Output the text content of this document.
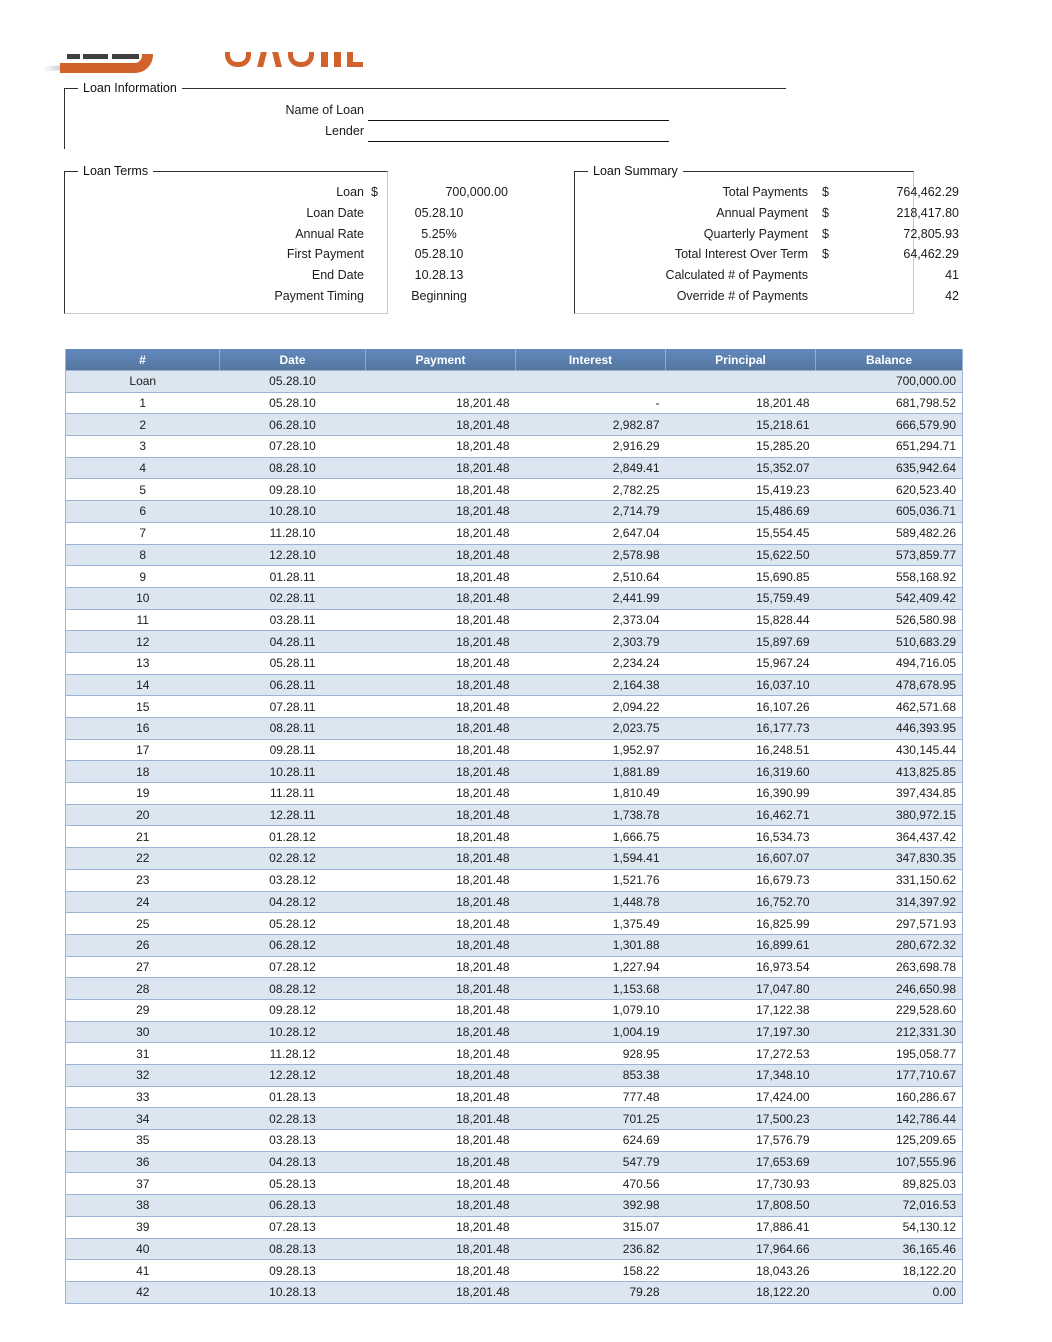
Loan Information
Name of Loan
Lender
Loan Terms	Loan Summary
#	Date	Payment	Interest	Principal	Balance
Loan	05.28.10				700,000.00
1	05.28.10	18,201.48	-	18,201.48	681,798.52
2	06.28.10	18,201.48	2,982.87	15,218.61	666,579.90
3	07.28.10	18,201.48	2,916.29	15,285.20	651,294.71
4	08.28.10	18,201.48	2,849.41	15,352.07	635,942.64
5	09.28.10	18,201.48	2,782.25	15,419.23	620,523.40
6	10.28.10	18,201.48	2,714.79	15,486.69	605,036.71
7	11.28.10	18,201.48	2,647.04	15,554.45	589,482.26
8	12.28.10	18,201.48	2,578.98	15,622.50	573,859.77
9	01.28.11	18,201.48	2,510.64	15,690.85	558,168.92
10	02.28.11	18,201.48	2,441.99	15,759.49	542,409.42
11	03.28.11	18,201.48	2,373.04	15,828.44	526,580.98
12	04.28.11	18,201.48	2,303.79	15,897.69	510,683.29
13	05.28.11	18,201.48	2,234.24	15,967.24	494,716.05
14	06.28.11	18,201.48	2,164.38	16,037.10	478,678.95
15	07.28.11	18,201.48	2,094.22	16,107.26	462,571.68
16	08.28.11	18,201.48	2,023.75	16,177.73	446,393.95
17	09.28.11	18,201.48	1,952.97	16,248.51	430,145.44
18	10.28.11	18,201.48	1,881.89	16,319.60	413,825.85
19	11.28.11	18,201.48	1,810.49	16,390.99	397,434.85
20	12.28.11	18,201.48	1,738.78	16,462.71	380,972.15
21	01.28.12	18,201.48	1,666.75	16,534.73	364,437.42
22	02.28.12	18,201.48	1,594.41	16,607.07	347,830.35
23	03.28.12	18,201.48	1,521.76	16,679.73	331,150.62
24	04.28.12	18,201.48	1,448.78	16,752.70	314,397.92
25	05.28.12	18,201.48	1,375.49	16,825.99	297,571.93
26	06.28.12	18,201.48	1,301.88	16,899.61	280,672.32
27	07.28.12	18,201.48	1,227.94	16,973.54	263,698.78
28	08.28.12	18,201.48	1,153.68	17,047.80	246,650.98
29	09.28.12	18,201.48	1,079.10	17,122.38	229,528.60
30	10.28.12	18,201.48	1,004.19	17,197.30	212,331.30
31	11.28.12	18,201.48	928.95	17,272.53	195,058.77
32	12.28.12	18,201.48	853.38	17,348.10	177,710.67
33	01.28.13	18,201.48	777.48	17,424.00	160,286.67
34	02.28.13	18,201.48	701.25	17,500.23	142,786.44
35	03.28.13	18,201.48	624.69	17,576.79	125,209.65
36	04.28.13	18,201.48	547.79	17,653.69	107,555.96
37	05.28.13	18,201.48	470.56	17,730.93	89,825.03
38	06.28.13	18,201.48	392.98	17,808.50	72,016.53
39	07.28.13	18,201.48	315.07	17,886.41	54,130.12
40	08.28.13	18,201.48	236.82	17,964.66	36,165.46
41	09.28.13	18,201.48	158.22	18,043.26	18,122.20
42	10.28.13	18,201.48	79.28	18,122.20	0.00
Loan $	700,000.00
Loan Date	05.28.10
Annual Rate	5.25%
First Payment	05.28.10
End Date	10.28.13
Payment Timing	Beginning
Total Payments $	764,462.29
Annual Payment $	218,417.80
Quarterly Payment $	72,805.93
Total Interest Over Term $	64,462.29
Calculated # of Payments	41
Override # of Payments	42
